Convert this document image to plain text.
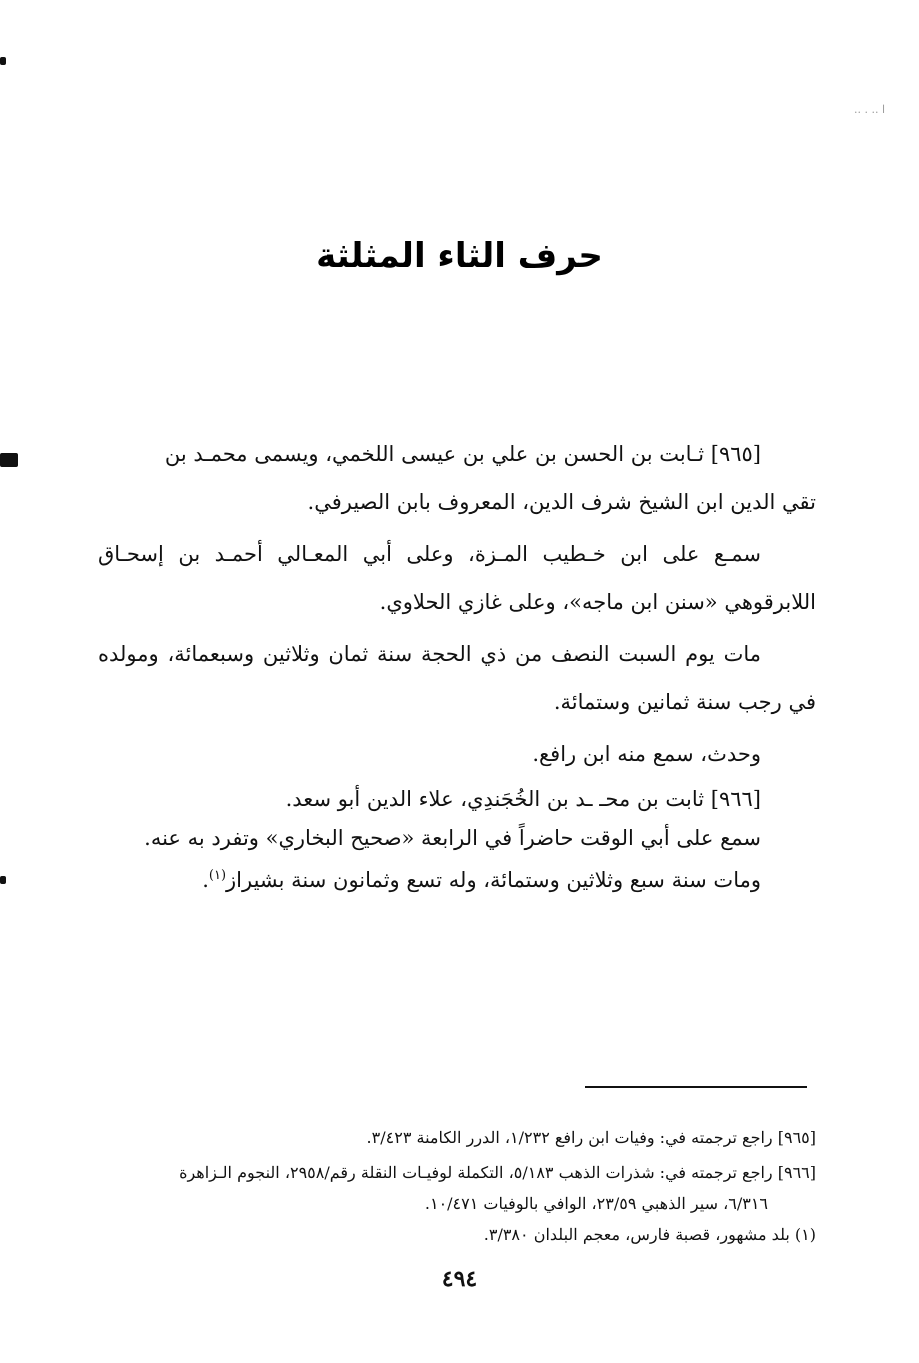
ا .. . ..
حرف الثاء المثلثة

[٩٦٥] ثـابت بن الحسن بن علي بن عيسى اللخمي، ويسمى محمـد بن

تقي الدين ابن الشيخ شرف الدين، المعروف بابن الصيرفي.

سمـع على ابن خـطيب المـزة، وعلى أبي المعـالي أحمـد بن إسحـاق اللابرقوهي «سنن ابن ماجه»، وعلى غازي الحلاوي.

مات يوم السبت النصف من ذي الحجة سنة ثمان وثلاثين وسبعمائة، ومولده في رجب سنة ثمانين وستمائة.

وحدث، سمع منه ابن رافع.

[٩٦٦] ثابت بن محـ ـد بن الخُجَندِي، علاء الدين أبو سعد.

سمع على أبي الوقت حاضراً في الرابعة «صحيح البخاري» وتفرد به عنه.

ومات سنة سبع وثلاثين وستمائة، وله تسع وثمانون سنة بشيراز$^{(١)}$.

[٩٦٥] راجع ترجمته في: وفيات ابن رافع ١/٢٣٢، الدرر الكامنة ٣/٤٢٣.

[٩٦٦] راجع ترجمته في: شذرات الذهب ٥/١٨٣، التكملة لوفيـات النقلة رقم/٢٩٥٨، النجوم الـزاهرة

٦/٣١٦، سير الذهبي ٢٣/٥٩، الوافي بالوفيات ١٠/٤٧١.

(١) بلد مشهور، قصبة فارس، معجم البلدان ٣/٣٨٠.

٤٩٤
